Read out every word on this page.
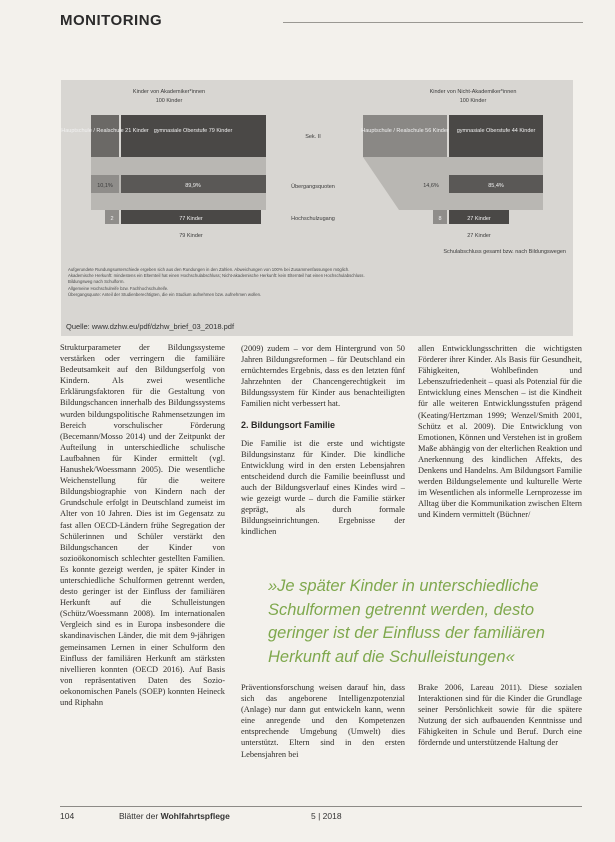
MONITORING
Kinder von Akademiker*innen
100 Kinder
Hauptschule / Realschule 21 Kinder gymnasiale Oberstufe 79 Kinder
10,1%	89,9%
2	77 Kinder
79 Kinder
Sek. II
Übergangsquoten
Hochschulzugang
Kinder von Nicht-Akademiker*innen
100 Kinder
Hauptschule / Realschule 56 Kinder gymnasiale Oberstufe 44 Kinder
14,6%	85,4%
8	27 Kinder
27 Kinder
Schulabschluss gesamt bzw. nach Bildungswegen
Aufgerundete Rundungsunterschiede ergeben sich aus den Rundungen in den Zahlen. Abweichungen von 100% bei Zusammenfassungen möglich.
Akademische Herkunft: mindestens ein Elternteil hat einen Hochschulabschluss; Nicht-akademische Herkunft: kein Elternteil hat einen Hochschulabschluss.
Bildungsweg nach Schulform.
Allgemeine Hochschulreife bzw. Fachhochschulreife.
Übergangsquote: Anteil der Studienberechtigten, die ein Studium aufnehmen bzw. aufnehmen wollen.
Quelle: www.dzhw.eu/pdf/dzhw_brief_03_2018.pdf

Strukturparameter der Bildungssysteme verstärken oder verringern die familiäre Bedeutsamkeit auf den Bildungserfolg von Kindern. Als zwei wesentliche Erklärungsfaktoren für die Gestaltung von Bildungschancen innerhalb des Bildungssystems wurden bildungspolitische Rahmensetzungen im Bereich vorschulischer Förderung (Becemann/Mosso 2014) und der Zeitpunkt der Aufteilung in unterschiedliche schulische Laufbahnen für Kinder ermittelt (vgl. Hanushek/Woessmann 2005). Die wesentliche Weichenstellung für die weitere Bildungsbiographie von Kindern nach der Grundschule erfolgt in Deutschland zumeist im Alter von 10 Jahren. Dies ist im Gegensatz zu fast allen OECD-Ländern frühe Segregation der Schülerinnen und Schüler verstärkt den Bildungschancen der Kinder von sozioökonomisch schlechter gestellten Familien. Es konnte gezeigt werden, je später Kinder in unterschiedliche Schulformen getrennt werden, desto geringer ist der Einfluss der familiären Herkunft auf die Schulleistungen (Schütz/Woessmann 2008). Im internationalen Vergleich sind es in Europa insbesondere die skandinavischen Länder, die mit dem 9-jährigen gemeinsamen Lernen in einer Schulform den Einfluss der familiären Herkunft am stärksten nivellieren konnten (OECD 2016). Auf Basis von repräsentativen Daten des Sozio-oekonomischen Panels (SOEP) konnten Heineck und Riphahn

(2009) zudem – vor dem Hintergrund von 50 Jahren Bildungsreformen – für Deutschland ein ernüchterndes Ergebnis, dass es den letzten fünf Jahrzehnten der Chancengerechtigkeit im Bildungssystem für Kinder aus benachteiligten Familien nicht verbessert hat.

2. Bildungsort Familie

Die Familie ist die erste und wichtigste Bildungsinstanz für Kinder. Die kindliche Entwicklung wird in den ersten Lebensjahren entscheidend durch die Familie beeinflusst und auch der Bildungsverlauf eines Kindes wird – wie gezeigt wurde – durch die Familie stärker geprägt, als durch formale Bildungseinrichtungen. Ergebnisse der kindlichen

allen Entwicklungsschritten die wichtigsten Förderer ihrer Kinder. Als Basis für Gesundheit, Fähigkeiten, Wohlbefinden und Lebenszufriedenheit – quasi als Potenzial für die Entwicklung eines Menschen – ist die Kindheit für alle weiteren Entwicklungsstufen prägend (Keating/Hertzman 1999; Wenzel/Smith 2001, Schütz et al. 2009). Die Entwicklung von Emotionen, Können und Verstehen ist in großem Maße abhängig von der elterlichen Reaktion und Anerkennung des kindlichen Affekts, des Denkens und Handelns. Am Bildungsort Familie werden Bildungselemente und kulturelle Werte im Wesentlichen als informelle Lernprozesse im Alltag über die Kommunikation zwischen Eltern und Kindern vermittelt (Büchner/

»Je später Kinder in unterschiedliche Schulformen getrennt werden, desto geringer ist der Einfluss der familiären Herkunft auf die Schulleistungen«

Präventionsforschung weisen darauf hin, dass sich das angeborene Intelligenzpotenzial (Anlage) nur dann gut entwickeln kann, wenn eine anregende und den Kompetenzen entsprechende Umgebung (Umwelt) dies unterstützt. Eltern sind in den ersten Lebensjahren bei

Brake 2006, Lareau 2011). Diese sozialen Interaktionen sind für die Kinder die Grundlage seiner Persönlichkeit sowie für die spätere Nutzung der sich aufbauenden Kenntnisse und Fähigkeiten in Schule und Beruf. Durch eine fördernde und unterstützende Haltung der

104	Blätter der Wohlfahrtspflege	5 | 2018
